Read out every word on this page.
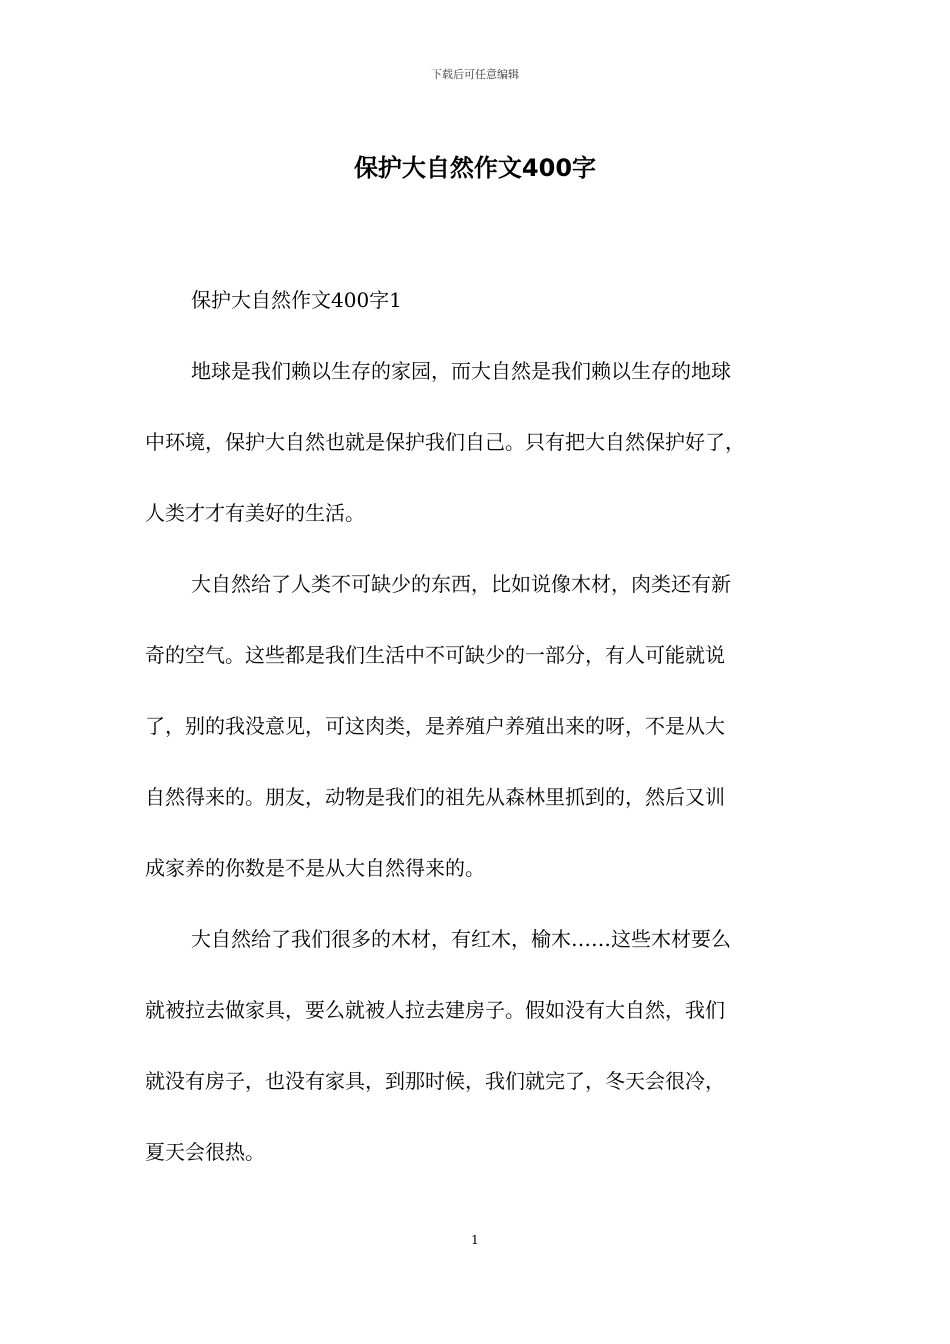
下载后可任意编辑
保护大自然作文400字

保护大自然作文400字1

地球是我们赖以生存的家园，而大自然是我们赖以生存的地球
中环境，保护大自然也就是保护我们自己。只有把大自然保护好了，
人类才才有美好的生活。

大自然给了人类不可缺少的东西，比如说像木材，肉类还有新
奇的空气。这些都是我们生活中不可缺少的一部分，有人可能就说
了，别的我没意见，可这肉类，是养殖户养殖出来的呀，不是从大
自然得来的。朋友，动物是我们的祖先从森林里抓到的，然后又训
成家养的你数是不是从大自然得来的。

大自然给了我们很多的木材，有红木，榆木……这些木材要么
就被拉去做家具，要么就被人拉去建房子。假如没有大自然，我们
就没有房子，也没有家具，到那时候，我们就完了，冬天会很冷，
夏天会很热。

1
